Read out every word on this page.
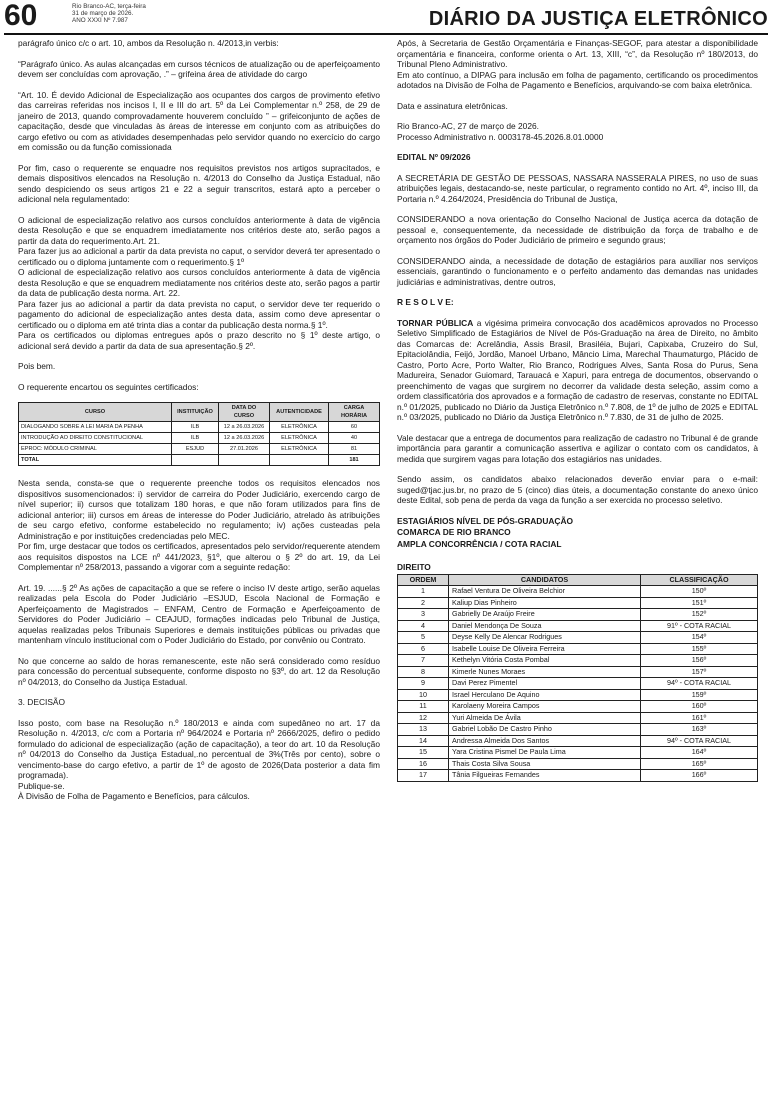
60	Rio Branco-AC, terça-feira
31 de março de 2026.
ANO XXXI Nº 7.987	DIÁRIO DA JUSTIÇA ELETRÔNICO

parágrafo único c/c o art. 10, ambos da Resolução n. 4/2013,in verbis:

“Parágrafo único. As aulas alcançadas em cursos técnicos de atualização ou de aperfeiçoamento devem ser concluídas com aprovação, .” – grifeina área de atividade do cargo

“Art. 10. É devido Adicional de Especialização aos ocupantes dos cargos de provimento efetivo das carreiras referidas nos incisos I, II e III do art. 5º da Lei Complementar n.º 258, de 29 de janeiro de 2013, quando comprovadamente houverem concluído ” – grifeiconjunto de ações de capacitação, desde que vinculadas às áreas de interesse em conjunto com as atribuições do cargo efetivo ou com as atividades desempenhadas pelo servidor quando no exercício do cargo em comissão ou da função comissionada

Por fim, caso o requerente se enquadre nos requisitos previstos nos artigos supracitados, e demais dispositivos elencados na Resolução n. 4/2013 do Conselho da Justiça Estadual, não sendo despiciendo os seus artigos 21 e 22 a seguir transcritos, estará apto a perceber o adicional nela regulamentado:

O adicional de especialização relativo aos cursos concluídos anteriormente à data de vigência desta Resolução e que se enquadrem imediatamente nos critérios deste ato, serão pagos a partir da data do requerimento.Art. 21.
Para fazer jus ao adicional a partir da data prevista no caput, o servidor deverá ter apresentado o certificado ou o diploma juntamente com o requerimento.§ 1º
O adicional de especialização relativo aos cursos concluídos anteriormente à data de vigência desta Resolução e que se enquadrem mediatamente nos critérios deste ato, serão pagos a partir da data de publicação desta norma. Art. 22.
Para fazer jus ao adicional a partir da data prevista no caput, o servidor deve ter requerido o pagamento do adicional de especialização antes desta data, assim como deve apresentar o certificado ou o diploma em até trinta dias a contar da publicação desta norma.§ 1º.
Para os certificados ou diplomas entregues após o prazo descrito no § 1º deste artigo, o adicional será devido a partir da data de sua apresentação.§ 2º.

Pois bem.

O requerente encartou os seguintes certificados:

CURSO	INSTITUIÇÃO	DATA DO CURSO	AUTENTICIDADE	CARGA HORÁRIA
DIALOGANDO SOBRE A LEI MARIA DA PENHA	ILB	12 a 26.03.2026	ELETRÔNICA	60
INTRODUÇÃO AO DIREITO CONSTITUCIONAL	ILB	12 a 26.03.2026	ELETRÔNICA	40
EPROC: MÓDULO CRIMINAL	ESJUD	27.01.2026	ELETRÔNICA	81
TOTAL				181

Nesta senda, consta-se que o requerente preenche todos os requisitos elencados nos dispositivos susomencionados: i) servidor de carreira do Poder Judiciário, exercendo cargo de nível superior; ii) cursos que totalizam 180 horas, e que não foram utilizados para fins de adicional anterior; iii) cursos em áreas de interesse do Poder Judiciário, atrelado às atribuições de seu cargo efetivo, conforme estabelecido no regulamento; iv) ações custeadas pela Administração e por instituições credenciadas pelo MEC.
Por fim, urge destacar que todos os certificados, apresentados pelo servidor/requerente atendem aos requisitos dispostos na LCE nº 441/2023, §1º, que alterou o § 2º do art. 19, da Lei Complementar nº 258/2013, passando a vigorar com a seguinte redação:

Art. 19. ......§ 2º As ações de capacitação a que se refere o inciso IV deste artigo, serão aquelas realizadas pela Escola do Poder Judiciário –ESJUD, Escola Nacional de Formação e Aperfeiçoamento de Magistrados – ENFAM, Centro de Formação e Aperfeiçoamento de Servidores do Poder Judiciário – CEAJUD, formações indicadas pelo Tribunal de Justiça, aquelas realizadas pelos Tribunais Superiores e demais instituições públicas ou privadas que mantenham vínculo institucional com o Poder Judiciário do Estado, por convênio ou Contrato.

No que concerne ao saldo de horas remanescente, este não será considerado como resíduo para concessão do percentual subsequente, conforme disposto no §3º, do art. 12 da Resolução nº 04/2013, do Conselho da Justiça Estadual.

3. DECISÃO

Isso posto, com base na Resolução n.º 180/2013 e ainda com supedâneo no art. 17 da Resolução n. 4/2013, c/c com a Portaria nº 964/2024 e Portaria nº 2666/2025, defiro o pedido formulado do adicional de especialização (ação de capacitação), a teor do art. 10 da Resolução nº 04/2013 do Conselho da Justiça Estadual,.no percentual de 3%(Três por cento), sobre o vencimento-base do cargo efetivo, a partir de 1º de agosto de 2026(Data posterior a data fim programada).
Publique-se.
À Divisão de Folha de Pagamento e Benefícios, para cálculos.

Após, à Secretaria de Gestão Orçamentária e Finanças-SEGOF, para atestar a disponibilidade orçamentária e financeira, conforme orienta o Art. 13, XIII, “c”, da Resolução nº 180/2013, do Tribunal Pleno Administrativo.
Em ato contínuo, a DIPAG para inclusão em folha de pagamento, certificando os procedimentos adotados na Divisão de Folha de Pagamento e Benefícios, arquivando-se com baixa eletrônica.

Data e assinatura eletrônicas.

Rio Branco-AC, 27 de março de 2026.
Processo Administrativo n. 0003178-45.2026.8.01.0000

EDITAL Nº 09/2026

A SECRETÁRIA DE GESTÃO DE PESSOAS, NASSARA NASSERALA PIRES, no uso de suas atribuições legais, destacando-se, neste particular, o regramento contido no Art. 4º, inciso III, da Portaria n.º 4.264/2024, Presidência do Tribunal de Justiça,

CONSIDERANDO a nova orientação do Conselho Nacional de Justiça acerca da dotação de pessoal e, consequentemente, da necessidade de distribuição da força de trabalho e de orçamento nos órgãos do Poder Judiciário de primeiro e segundo graus;

CONSIDERANDO ainda, a necessidade de dotação de estagiários para auxiliar nos serviços essenciais, garantindo o funcionamento e o perfeito andamento das demandas nas unidades judiciárias e administrativas, dentre outros,

R E S O L V E:

TORNAR PÚBLICA a vigésima primeira convocação dos acadêmicos aprovados no Processo Seletivo Simplificado de Estagiários de Nível de Pós-Graduação na área de Direito, no âmbito das Comarcas de: Acrelândia, Assis Brasil, Brasiléia, Bujari, Capixaba, Cruzeiro do Sul, Epitaciolândia, Feijó, Jordão, Manoel Urbano, Mâncio Lima, Marechal Thaumaturgo, Plácido de Castro, Porto Acre, Porto Walter, Rio Branco, Rodrigues Alves, Santa Rosa do Purus, Sena Madureira, Senador Guiomard, Tarauacá e Xapuri, para entrega de documentos, observando o preenchimento de vagas que surgirem no decorrer da validade desta seleção, assim como a ordem classificatória dos aprovados e a formação de cadastro de reservas, constante no EDITAL n.º 01/2025, publicado no Diário da Justiça Eletrônico n.º 7.808, de 1º de julho de 2025 e EDITAL n.º 03/2025, publicado no Diário da Justiça Eletrônico n.º 7.830, de 31 de julho de 2025.

Vale destacar que a entrega de documentos para realização de cadastro no Tribunal é de grande importância para garantir a comunicação assertiva e agilizar o contato com os candidatos, à medida que surgirem vagas para lotação dos estagiários nas unidades.

Sendo assim, os candidatos abaixo relacionados deverão enviar para o e-mail: suged@tjac.jus.br, no prazo de 5 (cinco) dias úteis, a documentação constante do anexo único deste Edital, sob pena de perda da vaga da função a ser exercida no processo seletivo.

ESTAGIÁRIOS NÍVEL DE PÓS-GRADUAÇÃO
COMARCA DE RIO BRANCO
AMPLA CONCORRÊNCIA / COTA RACIAL
DIREITO
ORDEM	CANDIDATOS	CLASSIFICAÇÃO
1	Rafael Ventura De Oliveira Belchior	150º
2	Kaliup Dias Pinheiro	151º
3	Gabrielly De Araújo Freire	152º
4	Daniel Mendonça De Souza	91º - COTA RACIAL
5	Deyse Kelly De Alencar Rodrigues	154º
6	Isabelle Louise De Oliveira Ferreira	155º
7	Kethelyn Vitória Costa Pombal	156º
8	Kimerle Nunes Moraes	157º
9	Davi Perez Pimentel	94º - COTA RACIAL
10	Israel Herculano De Aquino	159º
11	Karolaeny Moreira Campos	160º
12	Yuri Almeida De Ávila	161º
13	Gabriel Lobão De Castro Pinho	163º
14	Andressa Almeida Dos Santos	94º - COTA RACIAL
15	Yara Cristina Pismel De Paula Lima	164º
16	Thais Costa Silva Sousa	165º
17	Tânia Filgueiras Fernandes	166º
